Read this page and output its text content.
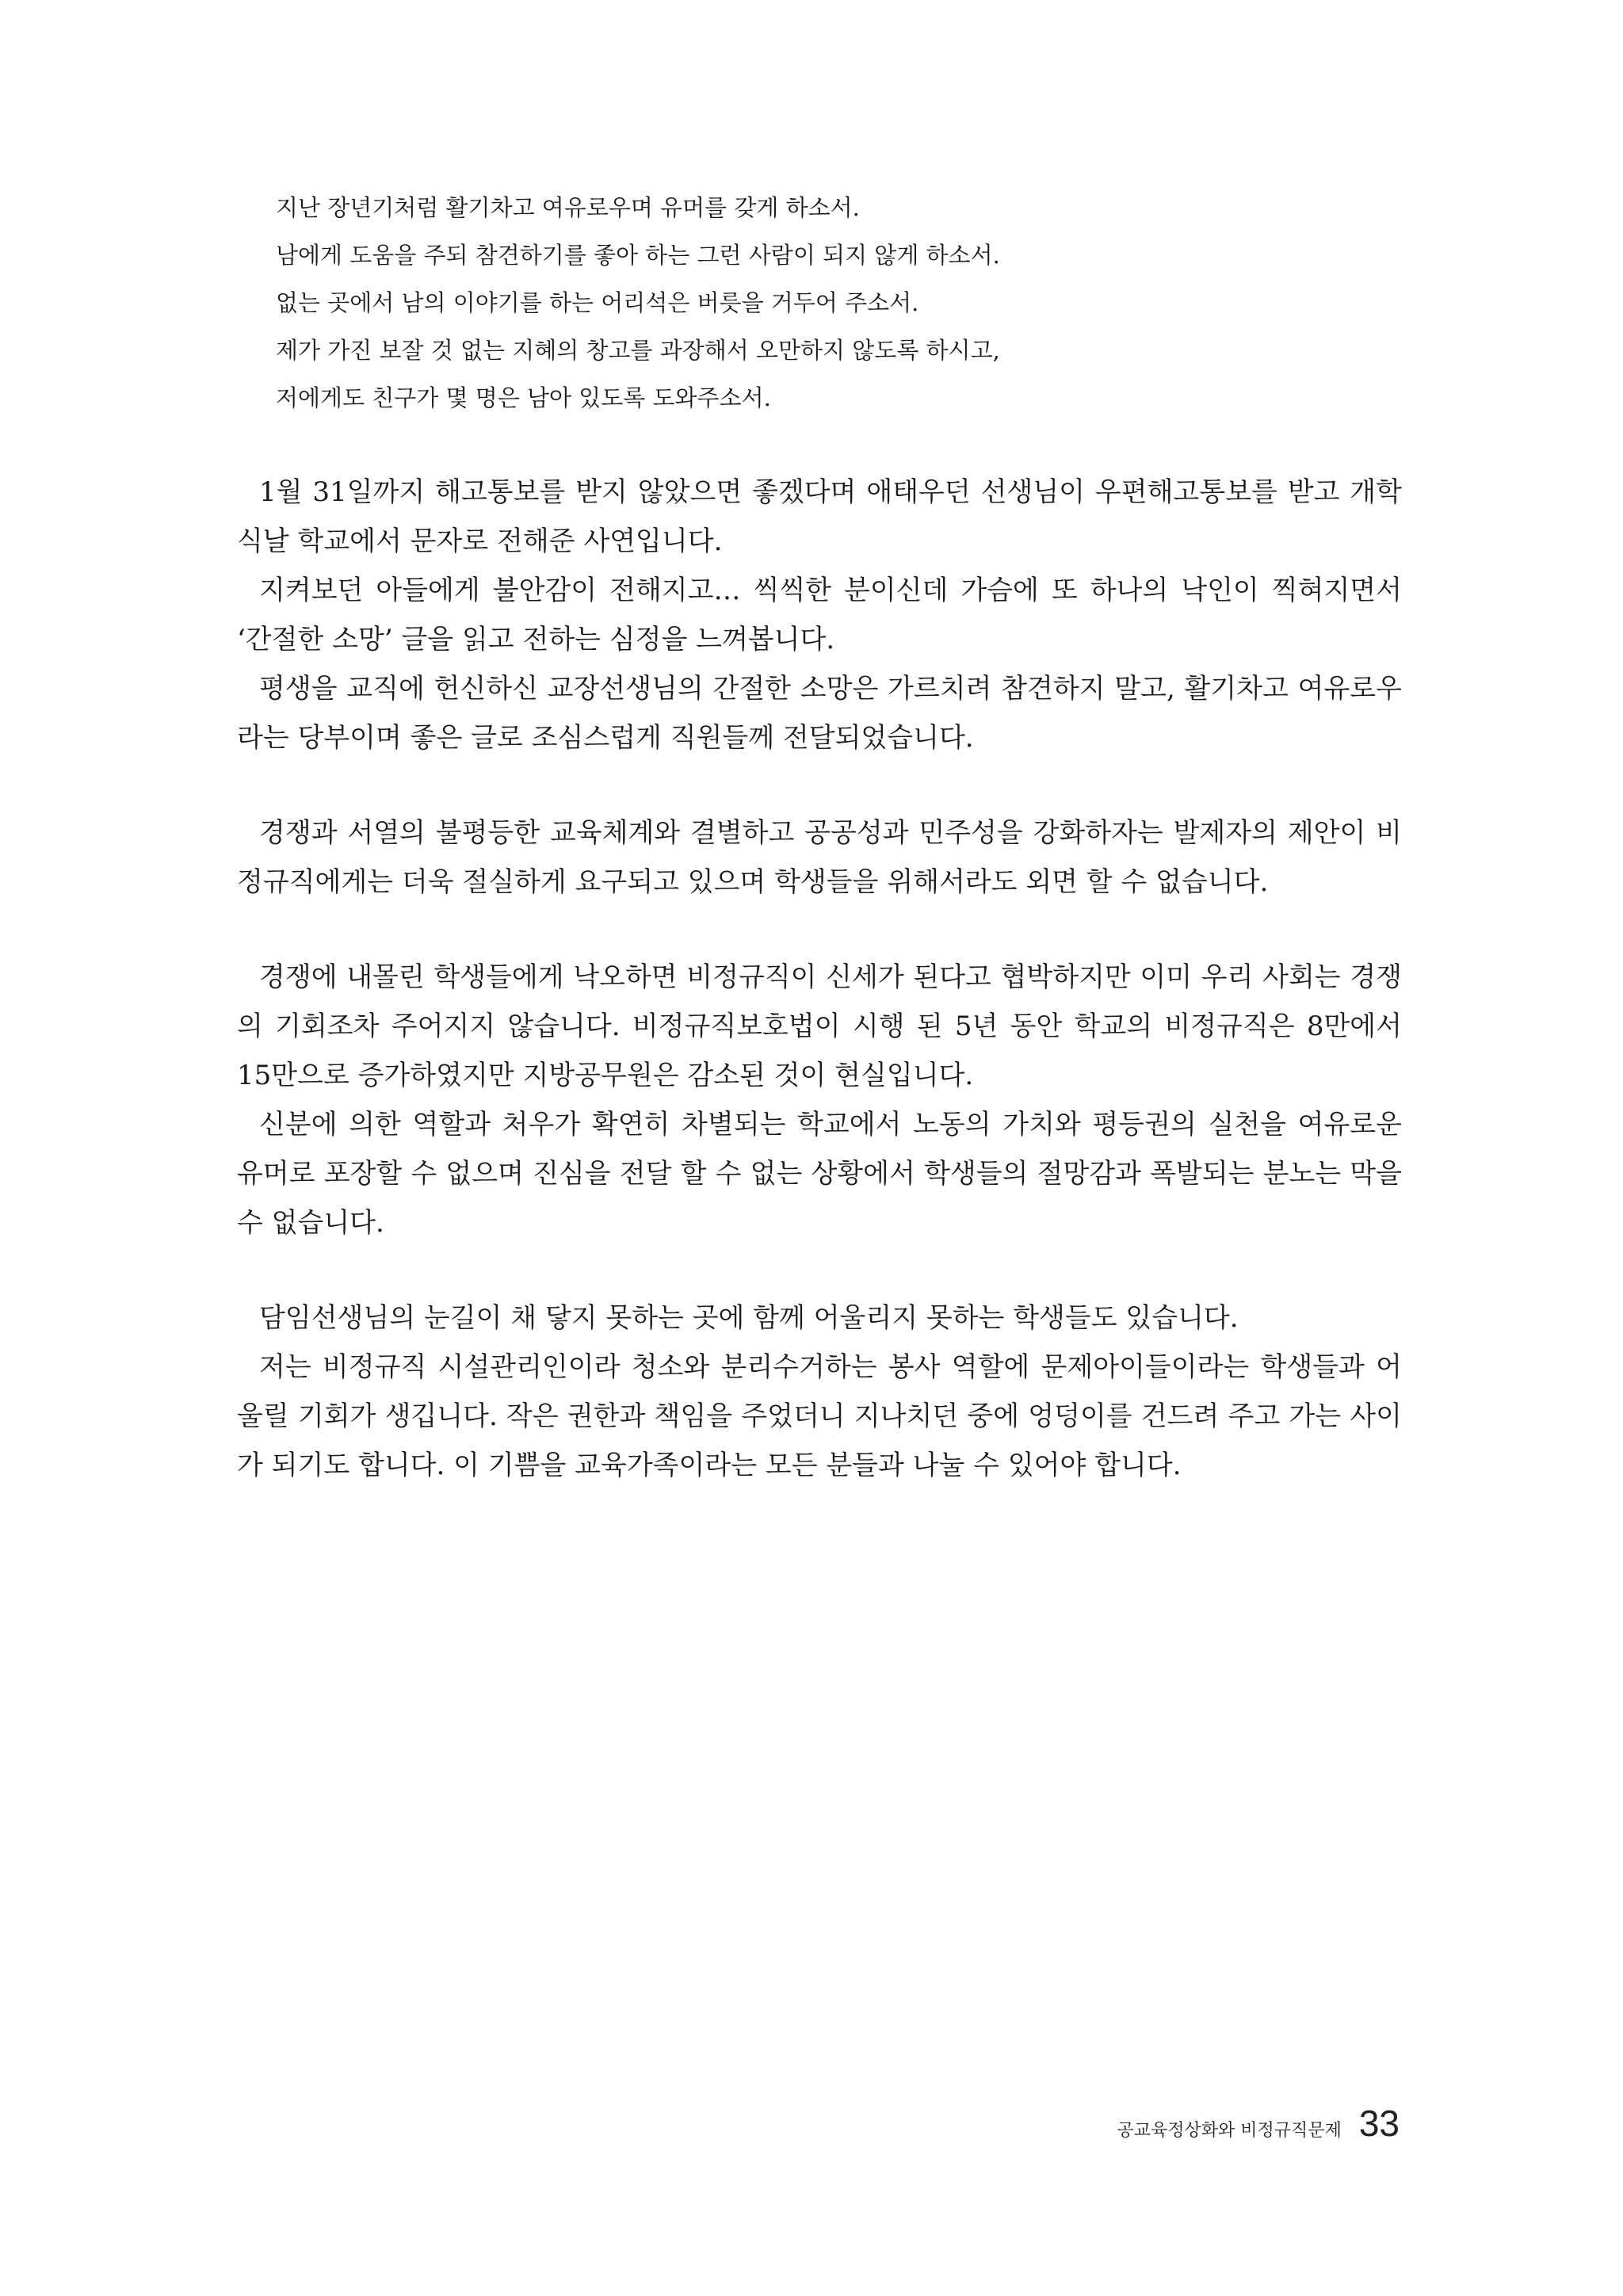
지난 장년기처럼 활기차고 여유로우며 유머를 갖게 하소서.
남에게 도움을 주되 참견하기를 좋아 하는 그런 사람이 되지 않게 하소서.
없는 곳에서 남의 이야기를 하는 어리석은 버릇을 거두어 주소서.
제가 가진 보잘 것 없는 지혜의 창고를 과장해서 오만하지 않도록 하시고,
저에게도 친구가 몇 명은 남아 있도록 도와주소서.

1월 31일까지 해고통보를 받지 않았으면 좋겠다며 애태우던 선생님이 우편해고통보를 받고 개학식날 학교에서 문자로 전해준 사연입니다.

지켜보던 아들에게 불안감이 전해지고… 씩씩한 분이신데 가슴에 또 하나의 낙인이 찍혀지면서 ‘간절한 소망’ 글을 읽고 전하는 심정을 느껴봅니다.

평생을 교직에 헌신하신 교장선생님의 간절한 소망은 가르치려 참견하지 말고, 활기차고 여유로우라는 당부이며 좋은 글로 조심스럽게 직원들께 전달되었습니다.

경쟁과 서열의 불평등한 교육체계와 결별하고 공공성과 민주성을 강화하자는 발제자의 제안이 비정규직에게는 더욱 절실하게 요구되고 있으며 학생들을 위해서라도 외면 할 수 없습니다.

경쟁에 내몰린 학생들에게 낙오하면 비정규직이 신세가 된다고 협박하지만 이미 우리 사회는 경쟁의 기회조차 주어지지 않습니다. 비정규직보호법이 시행 된 5년 동안 학교의 비정규직은 8만에서 15만으로 증가하였지만 지방공무원은 감소된 것이 현실입니다.

신분에 의한 역할과 처우가 확연히 차별되는 학교에서 노동의 가치와 평등권의 실천을 여유로운 유머로 포장할 수 없으며 진심을 전달 할 수 없는 상황에서 학생들의 절망감과 폭발되는 분노는 막을 수 없습니다.

담임선생님의 눈길이 채 닿지 못하는 곳에 함께 어울리지 못하는 학생들도 있습니다.

저는 비정규직 시설관리인이라 청소와 분리수거하는 봉사 역할에 문제아이들이라는 학생들과 어울릴 기회가 생깁니다. 작은 권한과 책임을 주었더니 지나치던 중에 엉덩이를 건드려 주고 가는 사이가 되기도 합니다. 이 기쁨을 교육가족이라는 모든 분들과 나눌 수 있어야 합니다.

공교육정상화와 비정규직문제 33
